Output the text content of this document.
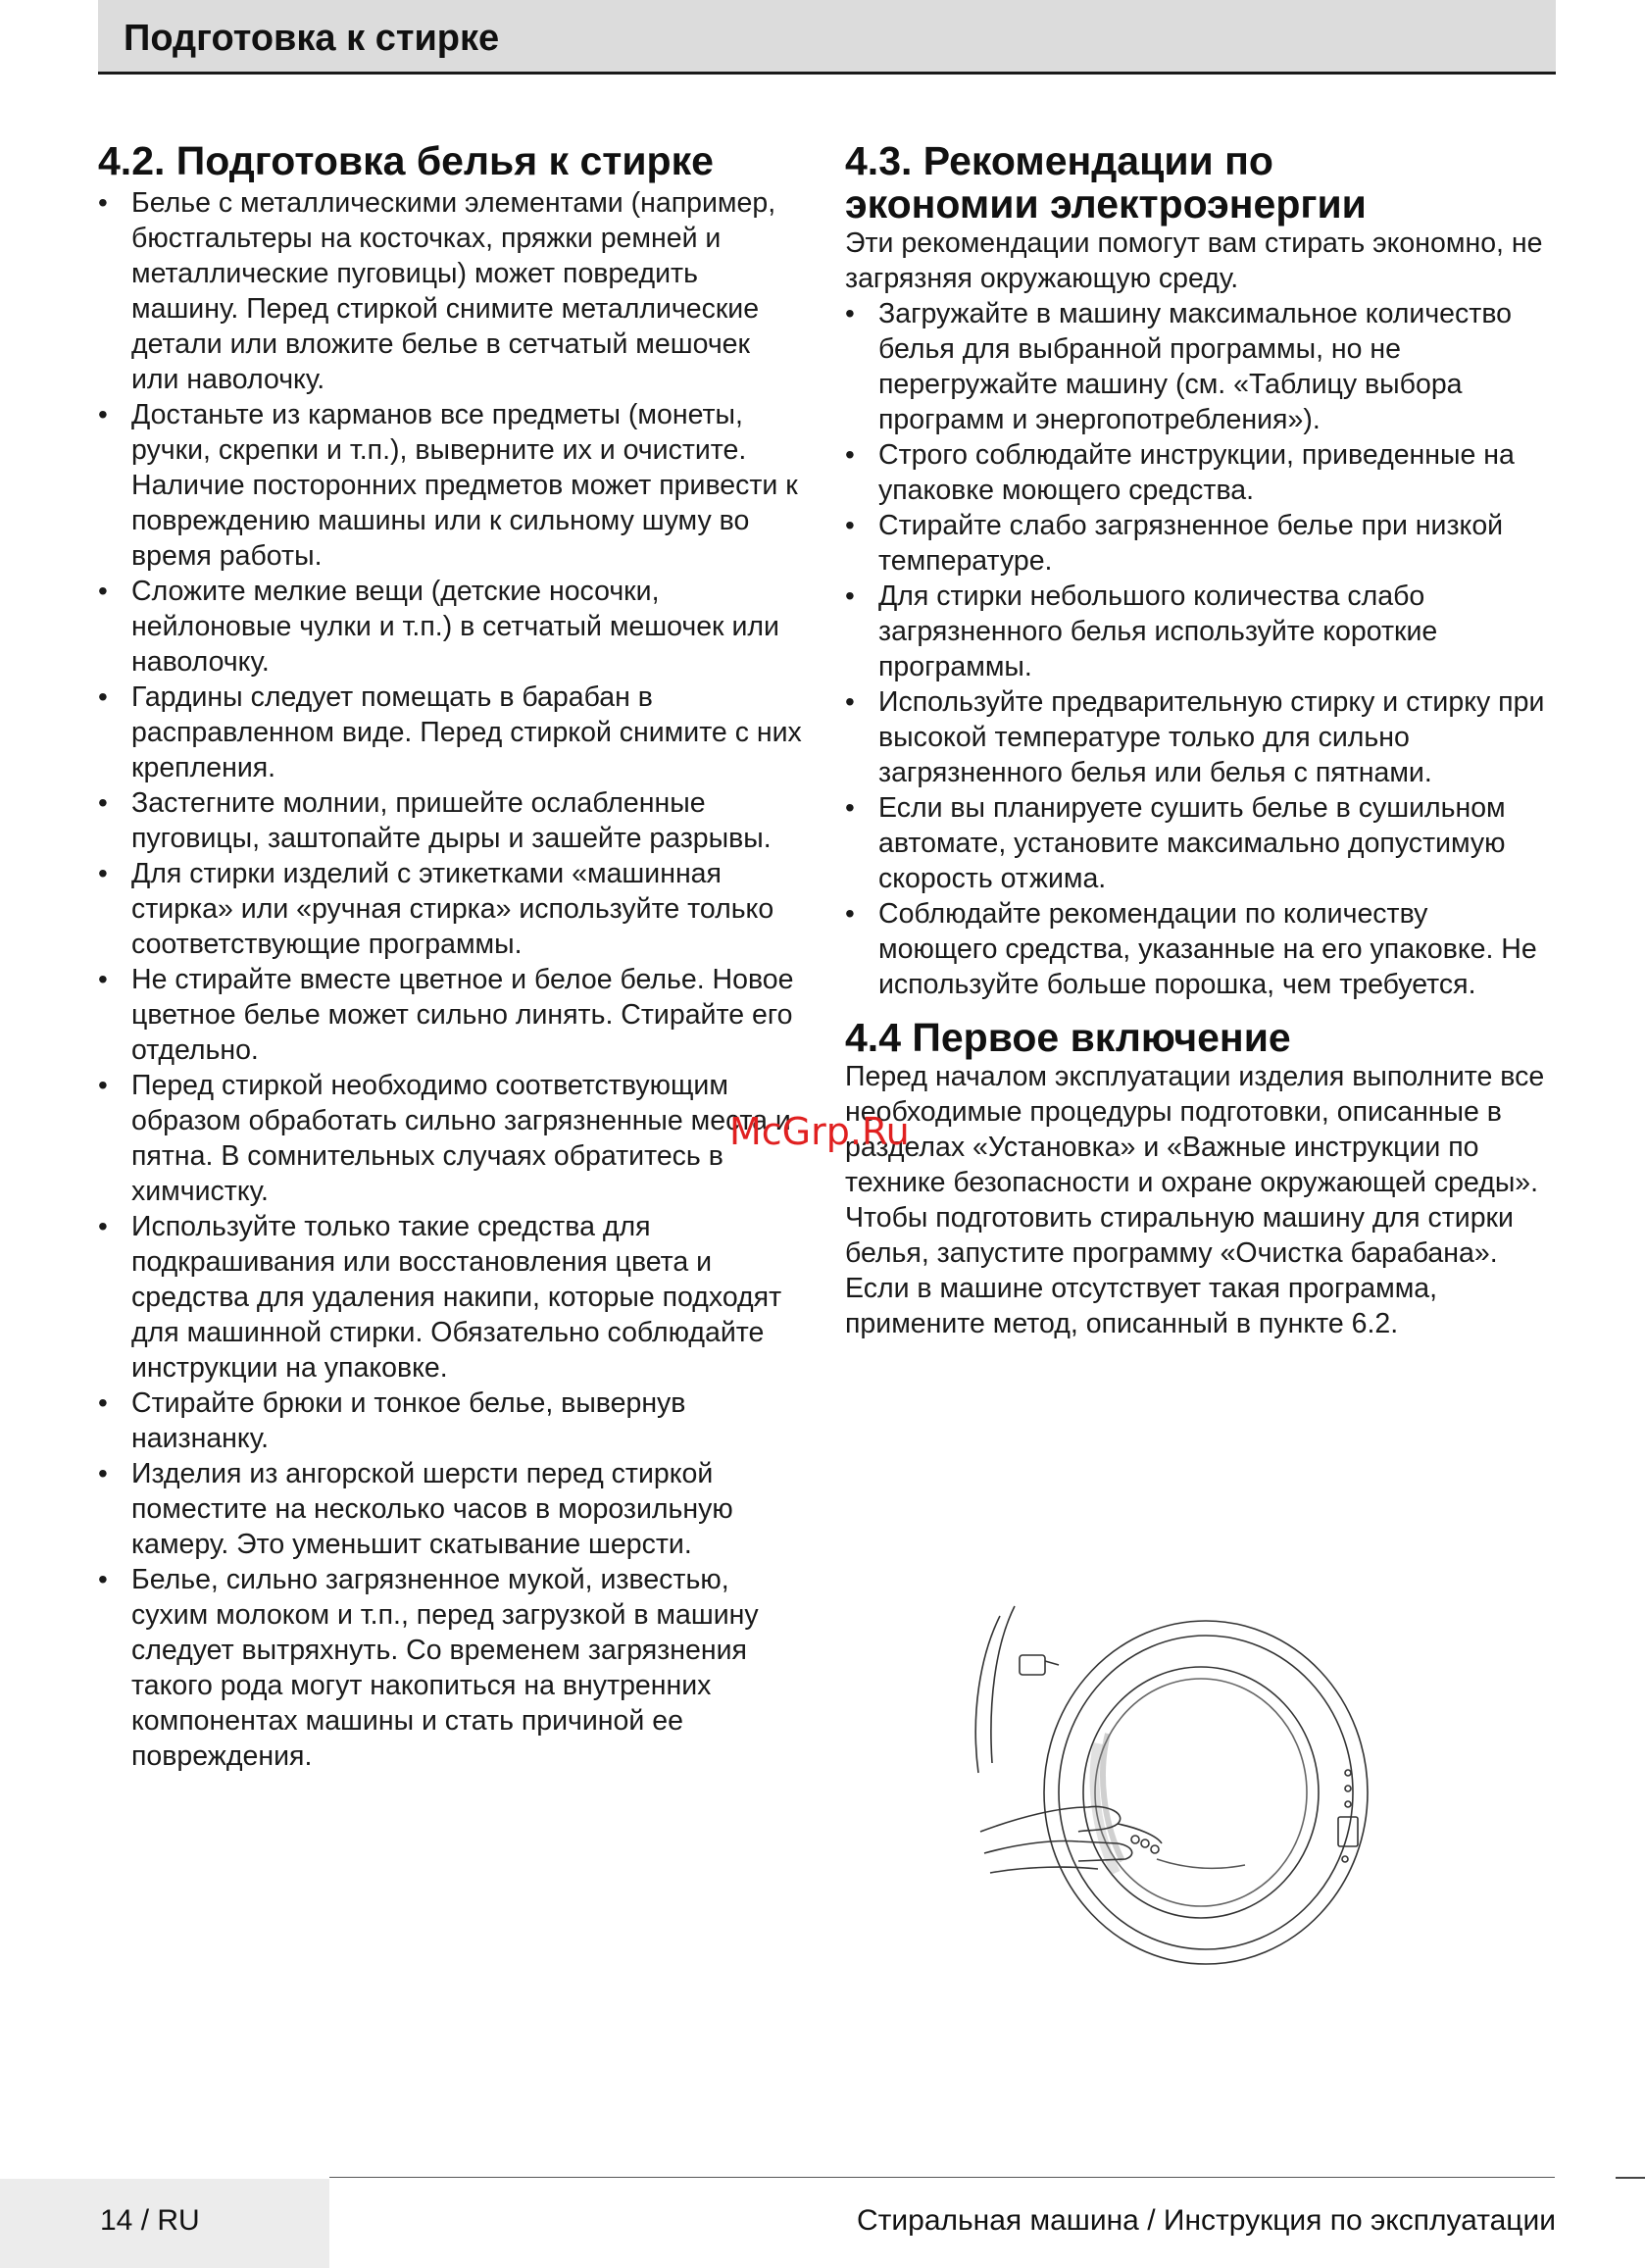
Подготовка к стирке
4.2. Подготовка белья к стирке
• Белье с металлическими элементами (например, бюстгальтеры на косточках, пряжки ремней и металлические пуговицы) может повредить машину. Перед стиркой снимите металлические детали или вложите белье в сетчатый мешочек или наволочку.
• Достаньте из карманов все предметы (монеты, ручки, скрепки и т.п.), выверните их и очистите. Наличие посторонних предметов может привести к повреждению машины или к сильному шуму во время работы.
• Сложите мелкие вещи (детские носочки, нейлоновые чулки и т.п.) в сетчатый мешочек или наволочку.
• Гардины следует помещать в барабан в расправленном виде. Перед стиркой снимите с них крепления.
• Застегните молнии, пришейте ослабленные пуговицы, заштопайте дыры и зашейте разрывы.
• Для стирки изделий с этикетками «машинная стирка» или «ручная стирка» используйте только соответствующие программы.
• Не стирайте вместе цветное и белое белье. Новое цветное белье может сильно линять. Стирайте его отдельно.
• Перед стиркой необходимо соответствующим образом обработать сильно загрязненные места и пятна. В сомнительных случаях обратитесь в химчистку.
• Используйте только такие средства для подкрашивания или восстановления цвета и средства для удаления накипи, которые подходят для машинной стирки. Обязательно соблюдайте инструкции на упаковке.
• Стирайте брюки и тонкое белье, вывернув наизнанку.
• Изделия из ангорской шерсти перед стиркой поместите на несколько часов в морозильную камеру. Это уменьшит скатывание шерсти.
• Белье, сильно загрязненное мукой, известью, сухим молоком и т.п., перед загрузкой в машину следует вытряхнуть. Со временем загрязнения такого рода могут накопиться на внутренних компонентах машины и стать причиной ее повреждения.
4.3. Рекомендации по
экономии электроэнергии

Эти рекомендации помогут вам стирать экономно, не загрязняя окружающую среду.

• Загружайте в машину максимальное количество белья для выбранной программы, но не перегружайте машину (см. «Таблицу выбора программ и энергопотребления»).
• Строго соблюдайте инструкции, приведенные на упаковке моющего средства.
• Стирайте слабо загрязненное белье при низкой температуре.
• Для стирки небольшого количества слабо загрязненного белья используйте короткие программы.
• Используйте предварительную стирку и стирку при высокой температуре только для сильно загрязненного белья или белья с пятнами.
• Если вы планируете сушить белье в сушильном автомате, установите максимально допустимую скорость отжима.
• Соблюдайте рекомендации по количеству моющего средства, указанные на его упаковке. Не используйте больше порошка, чем требуется.
4.4 Первое включение

Перед началом эксплуатации изделия выполните все необходимые процедуры подготовки, описанные в разделах «Установка» и «Важные инструкции по технике безопасности и охране окружающей среды».

Чтобы подготовить стиральную машину для стирки белья, запустите программу «Очистка барабана». Если в машине отсутствует такая программа, примените метод, описанный в пункте 6.2.

McGrp.Ru
14 / RU	Стиральная машина / Инструкция по эксплуатации
